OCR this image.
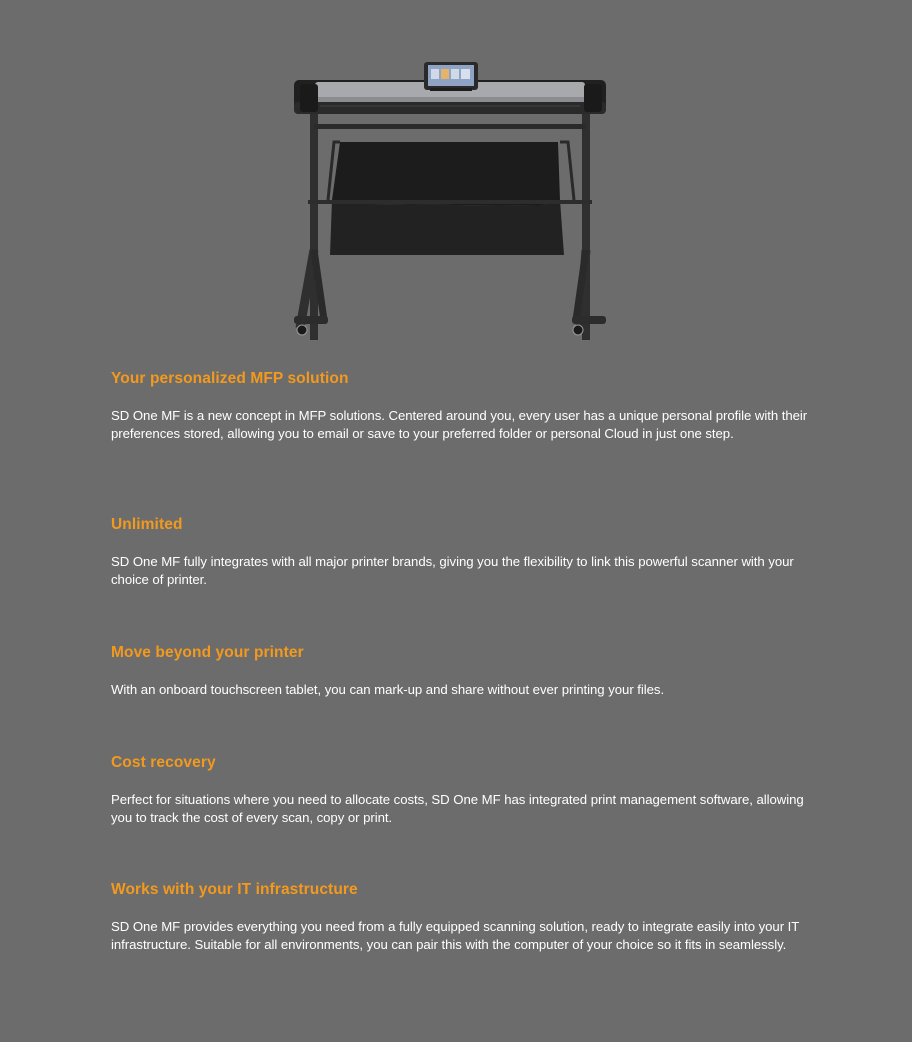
Your personalized MFP solution

SD One MF is a new concept in MFP solutions. Centered around you, every user has a unique personal profile with their preferences stored, allowing you to email or save to your preferred folder or personal Cloud in just one step.

Unlimited

SD One MF fully integrates with all major printer brands, giving you the flexibility to link this powerful scanner with your choice of printer.

Move beyond your printer

With an onboard touchscreen tablet, you can mark-up and share without ever printing your files.

Cost recovery

Perfect for situations where you need to allocate costs, SD One MF has integrated print management software, allowing you to track the cost of every scan, copy or print.

Works with your IT infrastructure

SD One MF provides everything you need from a fully equipped scanning solution, ready to integrate easily into your IT infrastructure. Suitable for all environments, you can pair this with the computer of your choice so it fits in seamlessly.
